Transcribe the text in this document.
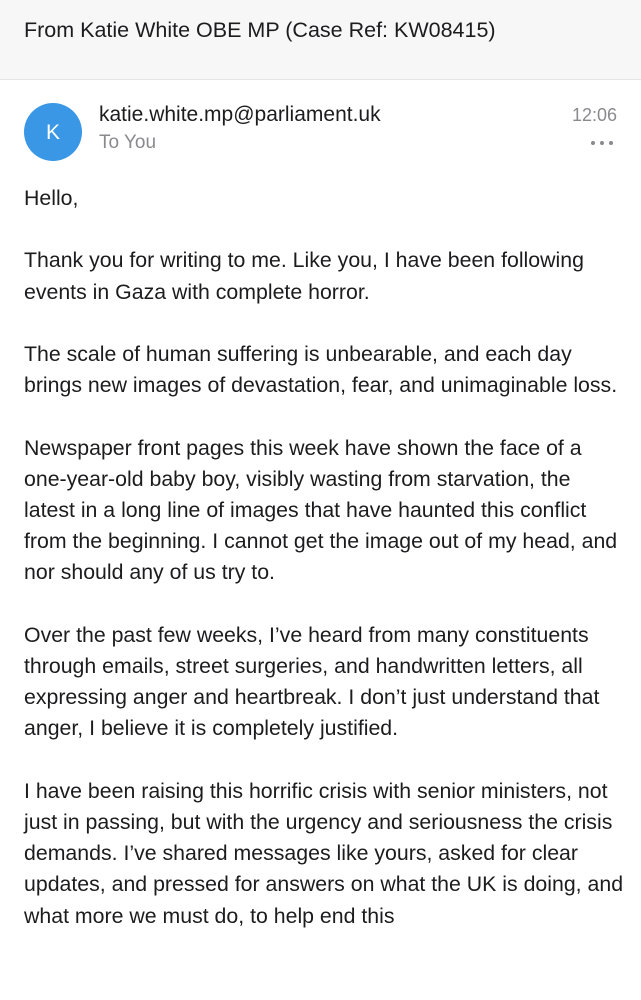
From Katie White OBE MP (Case Ref: KW08415)
K
katie.white.mp@parliament.uk
To You
12:06

Hello,

Thank you for writing to me. Like you, I have been following events in Gaza with complete horror.

The scale of human suffering is unbearable, and each day brings new images of devastation, fear, and unimaginable loss.

Newspaper front pages this week have shown the face of a one-year-old baby boy, visibly wasting from starvation, the latest in a long line of images that have haunted this conflict from the beginning. I cannot get the image out of my head, and nor should any of us try to.

Over the past few weeks, I’ve heard from many constituents through emails, street surgeries, and handwritten letters, all expressing anger and heartbreak. I don’t just understand that anger, I believe it is completely justified.

I have been raising this horrific crisis with senior ministers, not just in passing, but with the urgency and seriousness the crisis demands. I’ve shared messages like yours, asked for clear updates, and pressed for answers on what the UK is doing, and what more we must do, to help end this
